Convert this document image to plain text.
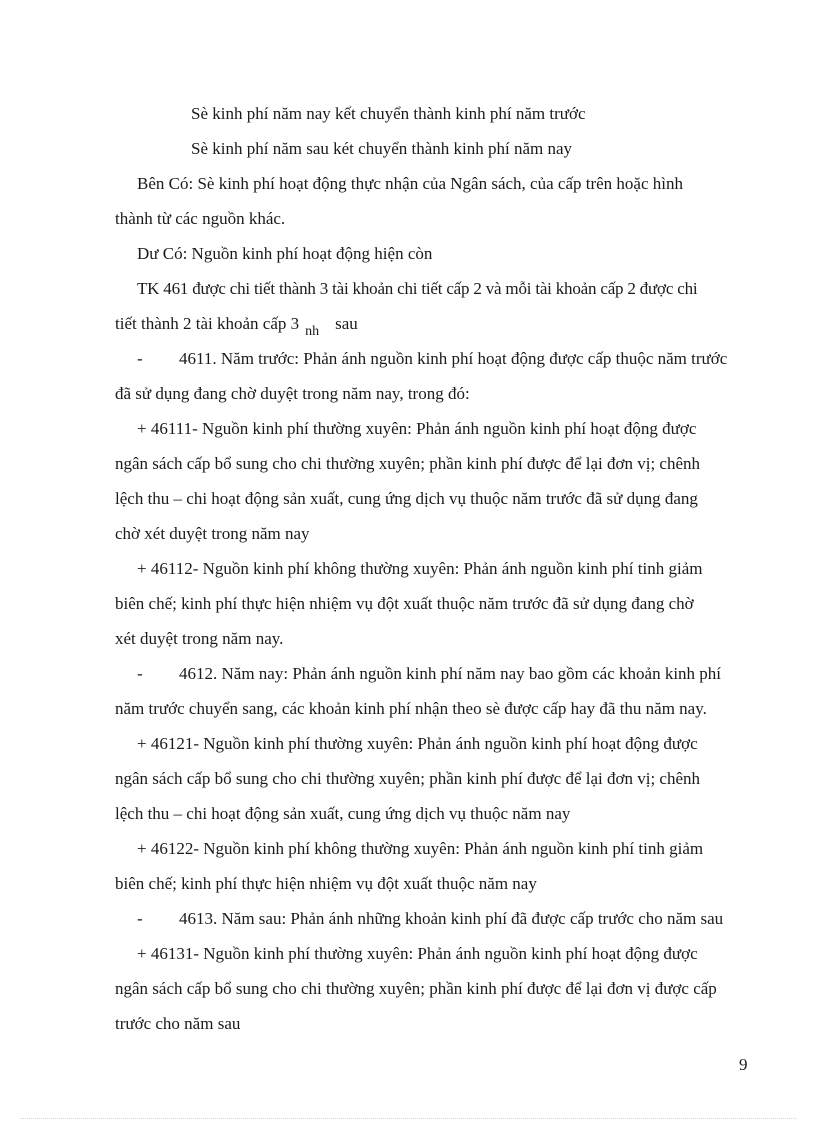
Sè kinh phí năm nay kết chuyển thành kinh phí năm trước
Sè kinh phí năm sau két chuyển thành kinh phí năm nay
Bên Có: Sè kinh phí hoạt động thực nhận của Ngân sách, của cấp trên hoặc hình
thành từ các nguồn khác.
Dư Có: Nguồn kinh phí hoạt động hiện còn
TK 461 được chi tiết thành 3 tài khoản chi tiết cấp 2 và mỗi tài khoản cấp 2 được chi
tiết thành 2 tài khoản cấp 3 $_{nh}$ sau
- 4611. Năm trước: Phản ánh nguồn kinh phí hoạt động được cấp thuộc năm trước
đã sử dụng đang chờ duyệt trong năm nay, trong đó:
+ 46111- Nguồn kinh phí thường xuyên: Phản ánh nguồn kinh phí hoạt động được
ngân sách cấp bổ sung cho chi thường xuyên; phần kinh phí được để lại đơn vị; chênh
lệch thu – chi hoạt động sản xuất, cung ứng dịch vụ thuộc năm trước đã sử dụng đang
chờ xét duyệt trong năm nay
+ 46112- Nguồn kinh phí không thường xuyên: Phản ánh nguồn kinh phí tinh giảm
biên chế; kinh phí thực hiện nhiệm vụ đột xuất thuộc năm trước đã sử dụng đang chờ
xét duyệt trong năm nay.
- 4612. Năm nay: Phản ánh nguồn kinh phí năm nay bao gồm các khoản kinh phí
năm trước chuyển sang, các khoản kinh phí nhận theo sè được cấp hay đã thu năm nay.
+ 46121- Nguồn kinh phí thường xuyên: Phản ánh nguồn kinh phí hoạt động được
ngân sách cấp bổ sung cho chi thường xuyên; phần kinh phí được để lại đơn vị; chênh
lệch thu – chi hoạt động sản xuất, cung ứng dịch vụ thuộc năm nay
+ 46122- Nguồn kinh phí không thường xuyên: Phản ánh nguồn kinh phí tinh giảm
biên chế; kinh phí thực hiện nhiệm vụ đột xuất thuộc năm nay
- 4613. Năm sau: Phản ánh những khoản kinh phí đã được cấp trước cho năm sau
+ 46131- Nguồn kinh phí thường xuyên: Phản ánh nguồn kinh phí hoạt động được
ngân sách cấp bổ sung cho chi thường xuyên; phần kinh phí được để lại đơn vị được cấp
trước cho năm sau
9
